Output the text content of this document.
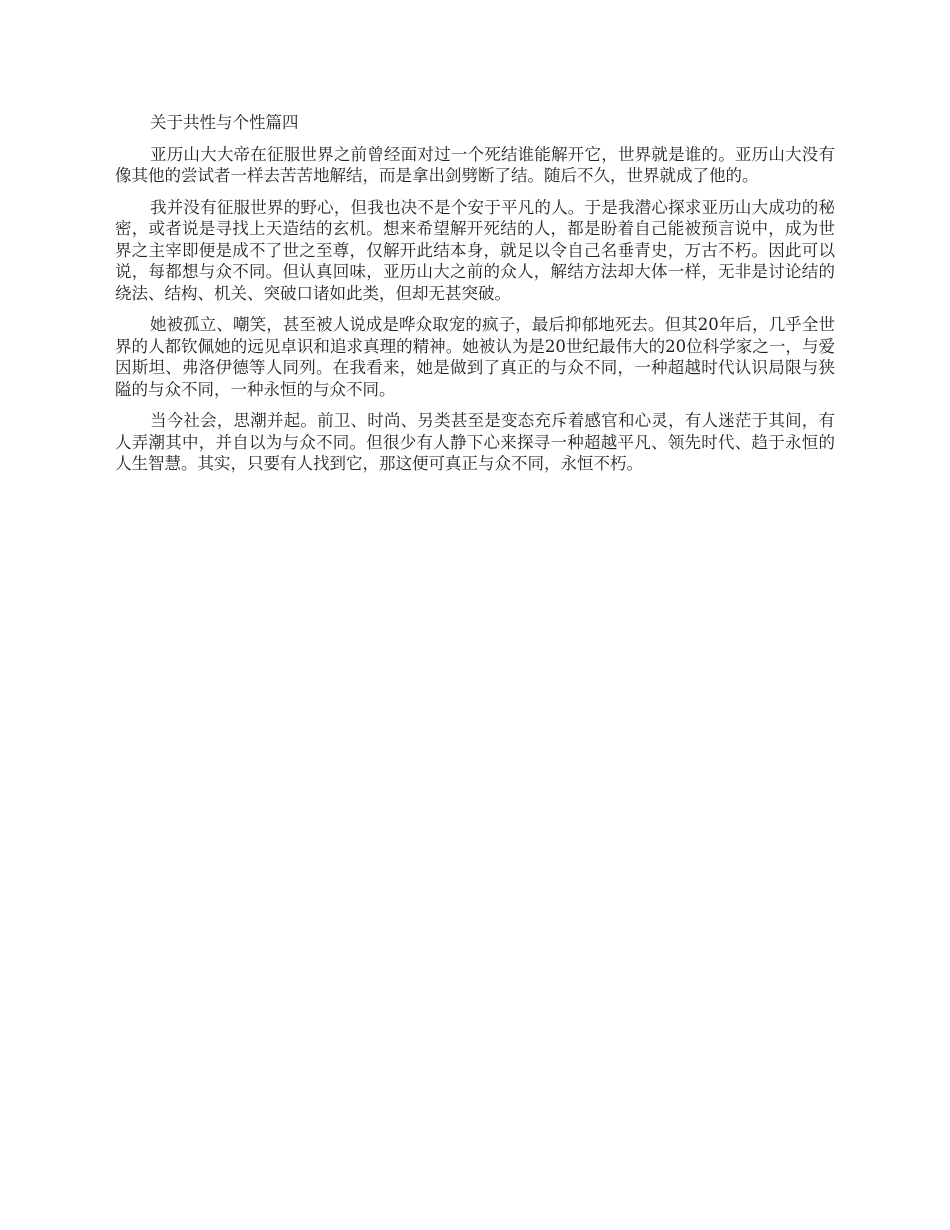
关于共性与个性篇四

亚历山大大帝在征服世界之前曾经面对过一个死结谁能解开它，世界就是谁的。亚历山大没有像其他的尝试者一样去苦苦地解结，而是拿出剑劈断了结。随后不久，世界就成了他的。

我并没有征服世界的野心，但我也决不是个安于平凡的人。于是我潜心探求亚历山大成功的秘密，或者说是寻找上天造结的玄机。想来希望解开死结的人，都是盼着自己能被预言说中，成为世界之主宰即便是成不了世之至尊，仅解开此结本身，就足以令自己名垂青史，万古不朽。因此可以说，每都想与众不同。但认真回味，亚历山大之前的众人，解结方法却大体一样，无非是讨论结的绕法、结构、机关、突破口诸如此类，但却无甚突破。

她被孤立、嘲笑，甚至被人说成是哗众取宠的疯子，最后抑郁地死去。但其20年后，几乎全世界的人都钦佩她的远见卓识和追求真理的精神。她被认为是20世纪最伟大的20位科学家之一，与爱因斯坦、弗洛伊德等人同列。在我看来，她是做到了真正的与众不同，一种超越时代认识局限与狭隘的与众不同，一种永恒的与众不同。

当今社会，思潮并起。前卫、时尚、另类甚至是变态充斥着感官和心灵，有人迷茫于其间，有人弄潮其中，并自以为与众不同。但很少有人静下心来探寻一种超越平凡、领先时代、趋于永恒的人生智慧。其实，只要有人找到它，那这便可真正与众不同，永恒不朽。
